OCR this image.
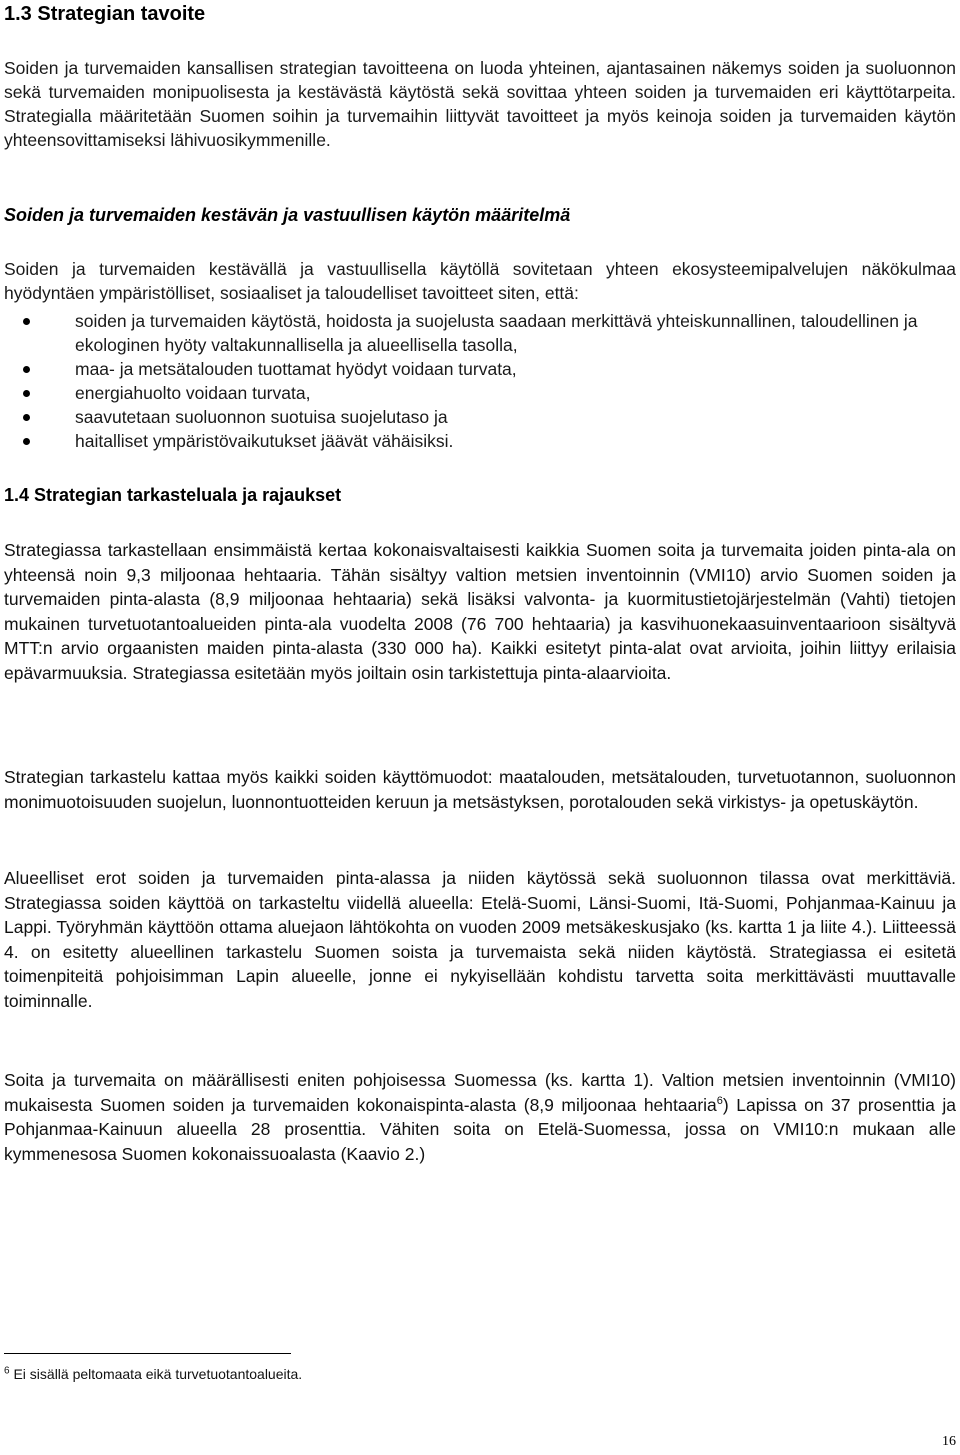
1.3 Strategian tavoite
Soiden ja turvemaiden kansallisen strategian tavoitteena on luoda yhteinen, ajantasainen näkemys soiden ja suoluonnon sekä turvemaiden monipuolisesta ja kestävästä käytöstä sekä sovittaa yhteen soiden ja turvemaiden eri käyttötarpeita. Strategialla määritetään Suomen soihin ja turvemaihin liittyvät tavoitteet ja myös keinoja soiden ja turvemaiden käytön yhteensovittamiseksi lähivuosikymmenille.
Soiden ja turvemaiden kestävän ja vastuullisen käytön määritelmä
Soiden ja turvemaiden kestävällä ja vastuullisella käytöllä sovitetaan yhteen ekosysteemipalvelujen näkökulmaa hyödyntäen ympäristölliset, sosiaaliset ja taloudelliset tavoitteet siten, että:
soiden ja turvemaiden käytöstä, hoidosta ja suojelusta saadaan merkittävä yhteiskunnallinen, taloudellinen ja ekologinen hyöty valtakunnallisella ja alueellisella tasolla,
maa- ja metsätalouden tuottamat hyödyt voidaan turvata,
energiahuolto voidaan turvata,
saavutetaan suoluonnon suotuisa suojelutaso ja
haitalliset ympäristövaikutukset jäävät vähäisiksi.
1.4 Strategian tarkasteluala ja rajaukset
Strategiassa tarkastellaan ensimmäistä kertaa kokonaisvaltaisesti kaikkia Suomen soita ja turvemaita joiden pinta-ala on yhteensä noin 9,3 miljoonaa hehtaaria. Tähän sisältyy valtion metsien inventoinnin (VMI10) arvio Suomen soiden ja turvemaiden pinta-alasta (8,9 miljoonaa hehtaaria) sekä lisäksi valvonta- ja kuormitustietojärjestelmän (Vahti) tietojen mukainen turvetuotantoalueiden pinta-ala vuodelta 2008 (76 700 hehtaaria) ja kasvihuonekaasuinventaarioon sisältyvä MTT:n arvio orgaanisten maiden pinta-alasta (330 000 ha). Kaikki esitetyt pinta-alat ovat arvioita, joihin liittyy erilaisia epävarmuuksia. Strategiassa esitetään myös joiltain osin tarkistettuja pinta-alaarvioita.
Strategian tarkastelu kattaa myös kaikki soiden käyttömuodot: maatalouden, metsätalouden, turvetuotannon, suoluonnon monimuotoisuuden suojelun, luonnontuotteiden keruun ja metsästyksen, porotalouden sekä virkistys- ja opetuskäytön.
Alueelliset erot soiden ja turvemaiden pinta-alassa ja niiden käytössä sekä suoluonnon tilassa ovat merkittäviä. Strategiassa soiden käyttöä on tarkasteltu viidellä alueella: Etelä-Suomi, Länsi-Suomi, Itä-Suomi, Pohjanmaa-Kainuu ja Lappi. Työryhmän käyttöön ottama aluejaon lähtökohta on vuoden 2009 metsäkeskusjako (ks. kartta 1 ja liite 4.). Liitteessä 4. on esitetty alueellinen tarkastelu Suomen soista ja turvemaista sekä niiden käytöstä. Strategiassa ei esitetä toimenpiteitä pohjoisimman Lapin alueelle, jonne ei nykyisellään kohdistu tarvetta soita merkittävästi muuttavalle toiminnalle.
Soita ja turvemaita on määrällisesti eniten pohjoisessa Suomessa (ks. kartta 1). Valtion metsien inventoinnin (VMI10) mukaisesta Suomen soiden ja turvemaiden kokonaispinta-alasta (8,9 miljoonaa hehtaaria$^6$) Lapissa on 37 prosenttia ja Pohjanmaa-Kainuun alueella 28 prosenttia. Vähiten soita on Etelä-Suomessa, jossa on VMI10:n mukaan alle kymmenesosa Suomen kokonaissuoalasta (Kaavio 2.)
$^6$ Ei sisällä peltomaata eikä turvetuotantoalueita.
16
